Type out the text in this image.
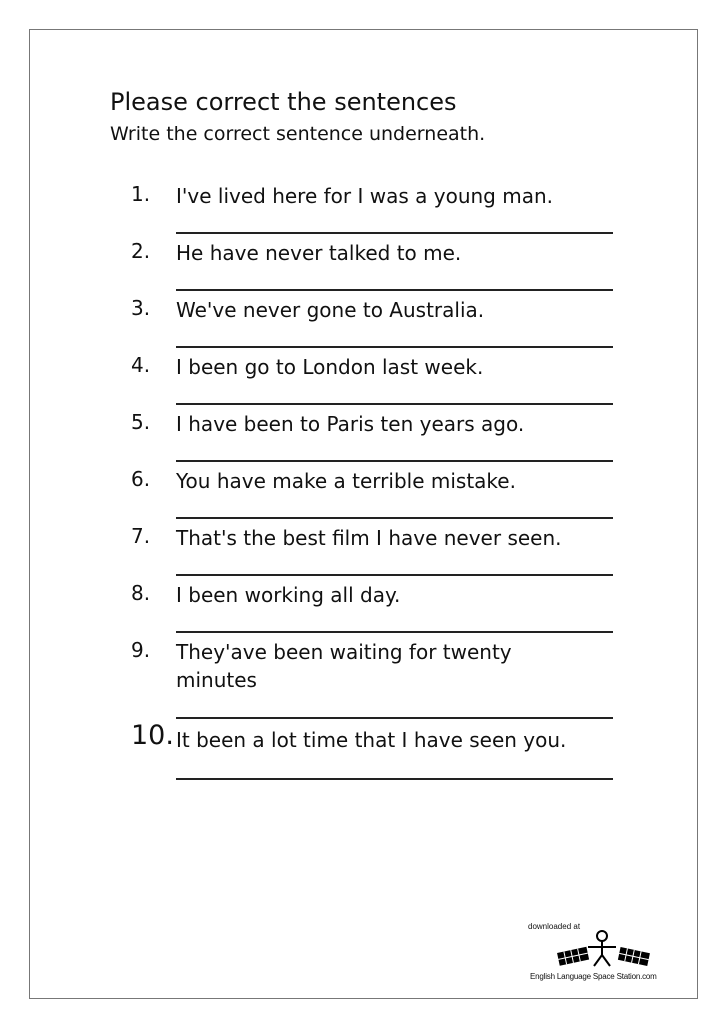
Please correct the sentences

Write the correct sentence underneath.

1. I've lived here for I was a young man.
2. He have never talked to me.
3. We've never gone to Australia.
4. I been go to London last week.
5. I have been to Paris ten years ago.
6. You have make a terrible mistake.
7. That's the best film I have never seen.
8. I been working all day.
9. They'ave been waiting for twenty minutes
10. It been a lot time that I have seen you.
downloaded at
English Language Space Station.com
